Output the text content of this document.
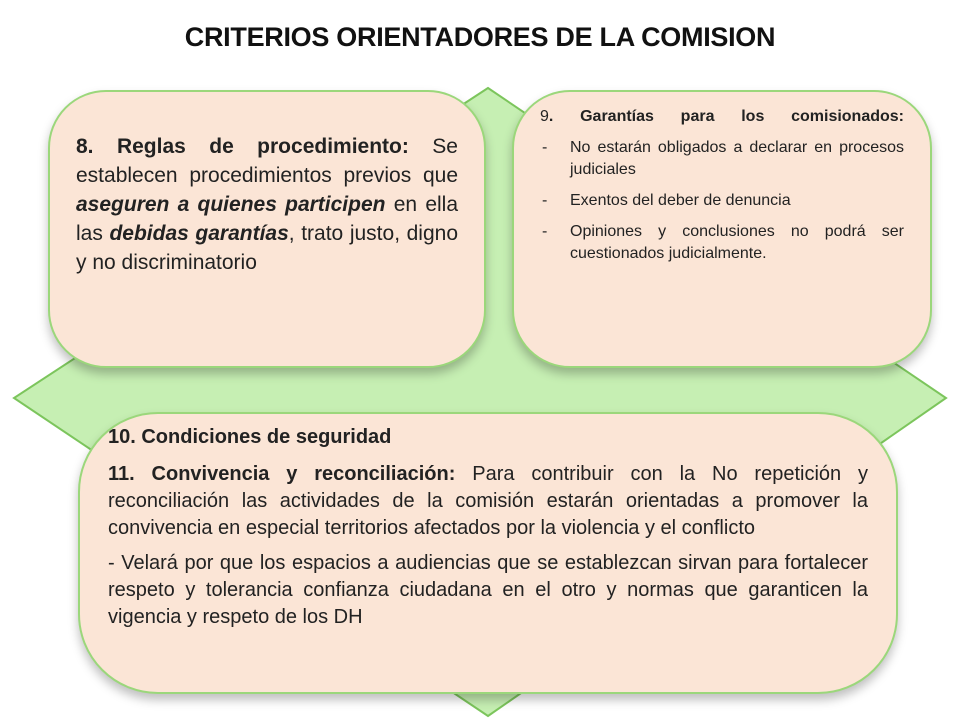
CRITERIOS ORIENTADORES DE LA COMISION

8. Reglas de procedimiento: Se establecen procedimientos previos que aseguren a quienes participen en ella las debidas garantías, trato justo, digno y no discriminatorio

9. Garantías para los comisionados:

- No estarán obligados a declarar en procesos judiciales
- Exentos del deber de denuncia
- Opiniones y conclusiones no podrá ser cuestionados judicialmente.

10. Condiciones de seguridad

11. Convivencia y reconciliación: Para contribuir con la No repetición y reconciliación las actividades de la comisión estarán orientadas a promover la convivencia en especial territorios afectados por la violencia y el conflicto

- Velará por que los espacios a audiencias que se establezcan sirvan para fortalecer respeto y tolerancia confianza ciudadana en el otro y normas que garanticen la vigencia y respeto de los DH
